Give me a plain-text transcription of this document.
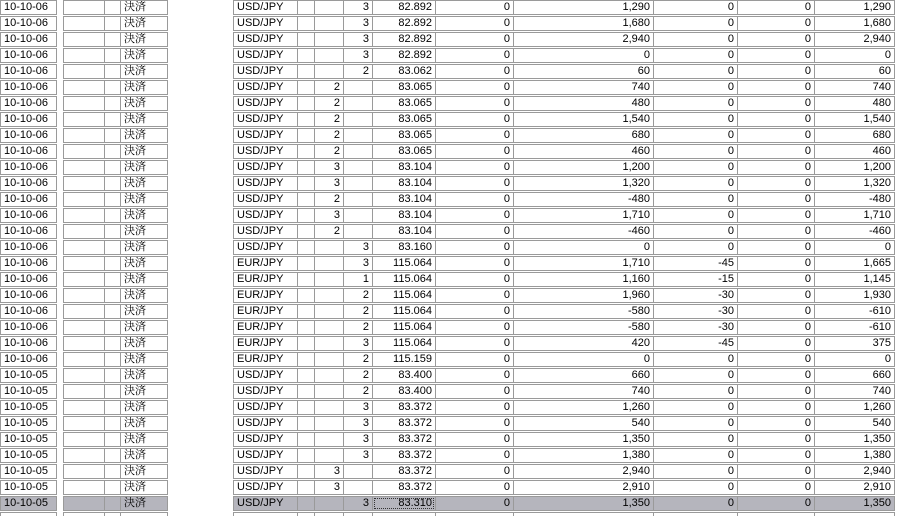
10-10-06	決済	USD/JPY	3	82.892	0	1,290	0	0	1,290
10-10-06	決済	USD/JPY	3	82.892	0	1,680	0	0	1,680
10-10-06	決済	USD/JPY	3	82.892	0	2,940	0	0	2,940
10-10-06	決済	USD/JPY	3	82.892	0	0	0	0	0
10-10-06	決済	USD/JPY	2	83.062	0	60	0	0	60
10-10-06	決済	USD/JPY	2	83.065	0	740	0	0	740
10-10-06	決済	USD/JPY	2	83.065	0	480	0	0	480
10-10-06	決済	USD/JPY	2	83.065	0	1,540	0	0	1,540
10-10-06	決済	USD/JPY	2	83.065	0	680	0	0	680
10-10-06	決済	USD/JPY	2	83.065	0	460	0	0	460
10-10-06	決済	USD/JPY	3	83.104	0	1,200	0	0	1,200
10-10-06	決済	USD/JPY	3	83.104	0	1,320	0	0	1,320
10-10-06	決済	USD/JPY	2	83.104	0	-480	0	0	-480
10-10-06	決済	USD/JPY	3	83.104	0	1,710	0	0	1,710
10-10-06	決済	USD/JPY	2	83.104	0	-460	0	0	-460
10-10-06	決済	USD/JPY	3	83.160	0	0	0	0	0
10-10-06	決済	EUR/JPY	3	115.064	0	1,710	-45	0	1,665
10-10-06	決済	EUR/JPY	1	115.064	0	1,160	-15	0	1,145
10-10-06	決済	EUR/JPY	2	115.064	0	1,960	-30	0	1,930
10-10-06	決済	EUR/JPY	2	115.064	0	-580	-30	0	-610
10-10-06	決済	EUR/JPY	2	115.064	0	-580	-30	0	-610
10-10-06	決済	EUR/JPY	3	115.064	0	420	-45	0	375
10-10-06	決済	EUR/JPY	2	115.159	0	0	0	0	0
10-10-05	決済	USD/JPY	2	83.400	0	660	0	0	660
10-10-05	決済	USD/JPY	2	83.400	0	740	0	0	740
10-10-05	決済	USD/JPY	3	83.372	0	1,260	0	0	1,260
10-10-05	決済	USD/JPY	3	83.372	0	540	0	0	540
10-10-05	決済	USD/JPY	3	83.372	0	1,350	0	0	1,350
10-10-05	決済	USD/JPY	3	83.372	0	1,380	0	0	1,380
10-10-05	決済	USD/JPY	3	83.372	0	2,940	0	0	2,940
10-10-05	決済	USD/JPY	3	83.372	0	2,910	0	0	2,910
10-10-05	決済	USD/JPY	3	83.310	0	1,350	0	0	1,350
